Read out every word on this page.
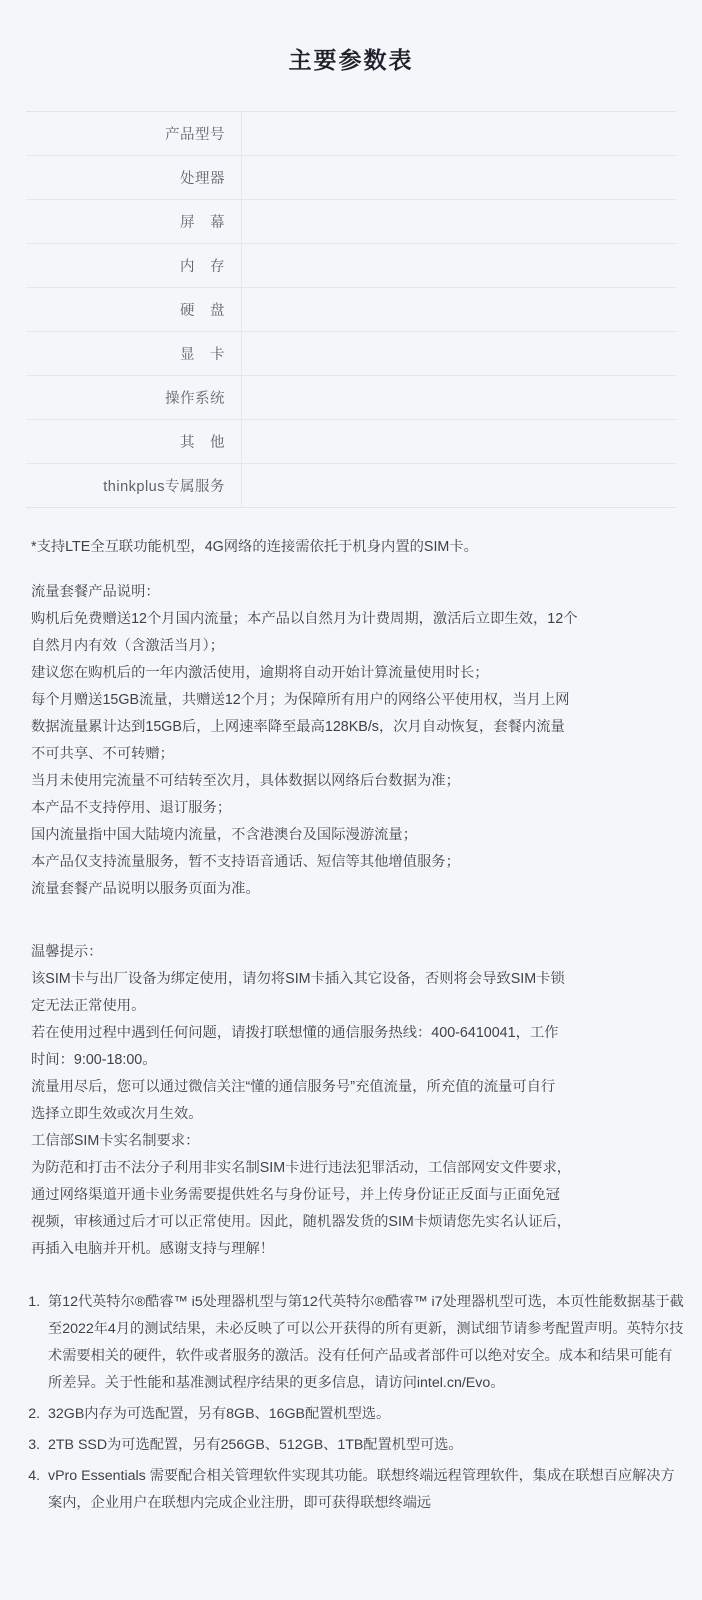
主要参数表
产品型号	
处理器	
屏　幕	
内　存	
硬　盘	
显　卡	
操作系统	
其　他	
thinkplus专属服务	

*支持LTE全互联功能机型，4G网络的连接需依托于机身内置的SIM卡。

流量套餐产品说明：
购机后免费赠送12个月国内流量；本产品以自然月为计费周期，激活后立即生效，12个
自然月内有效（含激活当月）；
建议您在购机后的一年内激活使用，逾期将自动开始计算流量使用时长；
每个月赠送15GB流量，共赠送12个月；为保障所有用户的网络公平使用权，当月上网
数据流量累计达到15GB后，上网速率降至最高128KB/s，次月自动恢复，套餐内流量
不可共享、不可转赠；
当月未使用完流量不可结转至次月，具体数据以网络后台数据为准；
本产品不支持停用、退订服务；
国内流量指中国大陆境内流量，不含港澳台及国际漫游流量；
本产品仅支持流量服务，暂不支持语音通话、短信等其他增值服务；
流量套餐产品说明以服务页面为准。
温馨提示：
该SIM卡与出厂设备为绑定使用，请勿将SIM卡插入其它设备，否则将会导致SIM卡锁
定无法正常使用。
若在使用过程中遇到任何问题，请拨打联想懂的通信服务热线：400-6410041，工作
时间：9:00-18:00。
流量用尽后，您可以通过微信关注“懂的通信服务号”充值流量，所充值的流量可自行
选择立即生效或次月生效。
工信部SIM卡实名制要求：
为防范和打击不法分子利用非实名制SIM卡进行违法犯罪活动，工信部网安文件要求，
通过网络渠道开通卡业务需要提供姓名与身份证号，并上传身份证正反面与正面免冠
视频，审核通过后才可以正常使用。因此，随机器发货的SIM卡烦请您先实名认证后，
再插入电脑并开机。感谢支持与理解！
1. 第12代英特尔®酷睿™ i5处理器机型与第12代英特尔®酷睿™ i7处理器机型可选，本页性能数据基于截至2022年4月的测试结果，未必反映了可以公开获得的所有更新，测试细节请参考配置声明。英特尔技术需要相关的硬件，软件或者服务的激活。没有任何产品或者部件可以绝对安全。成本和结果可能有所差异。关于性能和基准测试程序结果的更多信息，请访问intel.cn/Evo。
2. 32GB内存为可选配置，另有8GB、16GB配置机型选。
3. 2TB SSD为可选配置，另有256GB、512GB、1TB配置机型可选。
4. vPro Essentials 需要配合相关管理软件实现其功能。联想终端远程管理软件，集成在联想百应解决方案内，企业用户在联想内完成企业注册，即可获得联想终端远
